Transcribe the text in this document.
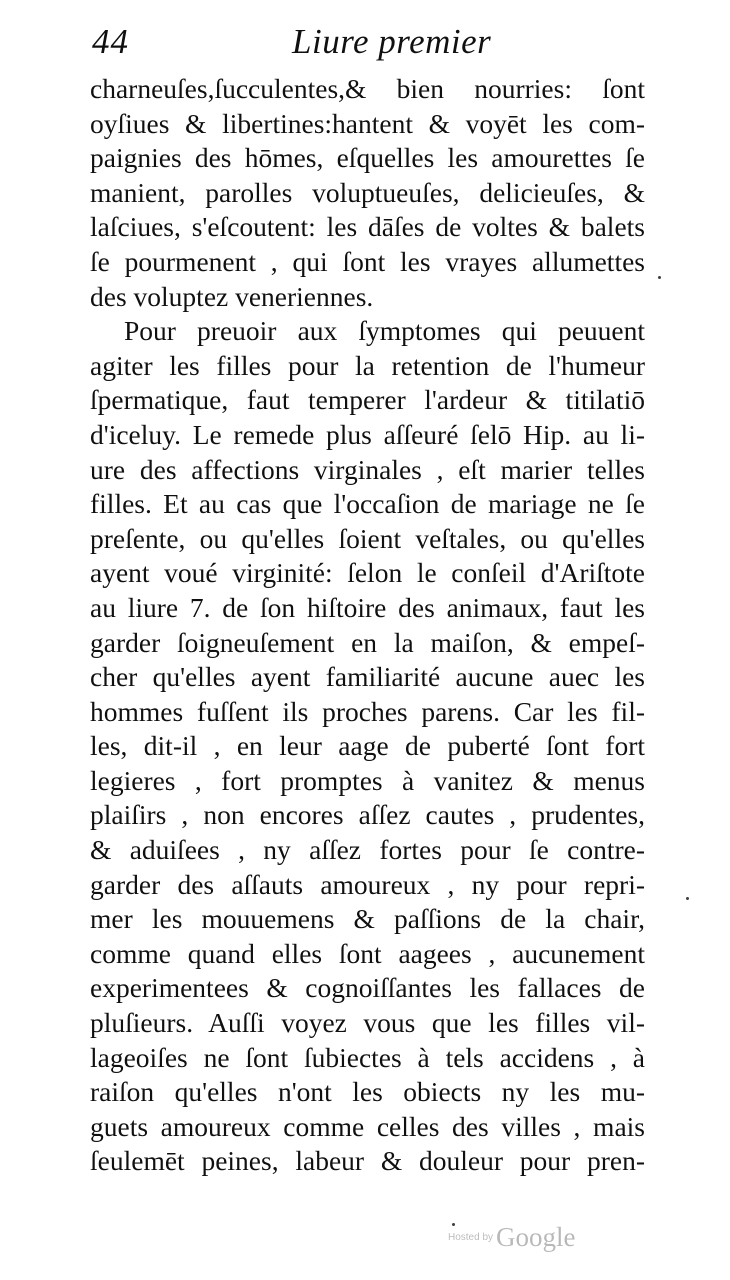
44	Liure premier
charneuſes,ſucculentes,& bien nourries: ſont
oyſiues & libertines:hantent & voyēt les com-
paignies des hōmes, eſquelles les amourettes ſe
manient, parolles voluptueuſes, delicieuſes, &
laſciues, s'eſcoutent: les dāſes de voltes & balets
ſe pourmenent , qui ſont les vrayes allumettes
des voluptez veneriennes.
Pour preuoir aux ſymptomes qui peuuent
agiter les filles pour la retention de l'humeur
ſpermatique, faut temperer l'ardeur & titilatiō
d'iceluy. Le remede plus aſſeuré ſelō Hip. au li-
ure des affections virginales , eſt marier telles
filles. Et au cas que l'occaſion de mariage ne ſe
preſente, ou qu'elles ſoient veſtales, ou qu'elles
ayent voué virginité: ſelon le conſeil d'Ariſtote
au liure 7. de ſon hiſtoire des animaux, faut les
garder ſoigneuſement en la maiſon, & empeſ-
cher qu'elles ayent familiarité aucune auec les
hommes fuſſent ils proches parens. Car les fil-
les, dit-il , en leur aage de puberté ſont fort
legieres , fort promptes à vanitez & menus
plaiſirs , non encores aſſez cautes , prudentes,
& aduiſees , ny aſſez fortes pour ſe contre-
garder des aſſauts amoureux , ny pour repri-
mer les mouuemens & paſſions de la chair,
comme quand elles ſont aagees , aucunement
experimentees & cognoiſſantes les fallaces de
pluſieurs. Auſſi voyez vous que les filles vil-
lageoiſes ne ſont ſubiectes à tels accidens , à
raiſon qu'elles n'ont les obiects ny les mu-
guets amoureux comme celles des villes , mais
ſeulemēt peines, labeur & douleur pour pren-
Hosted by Google
